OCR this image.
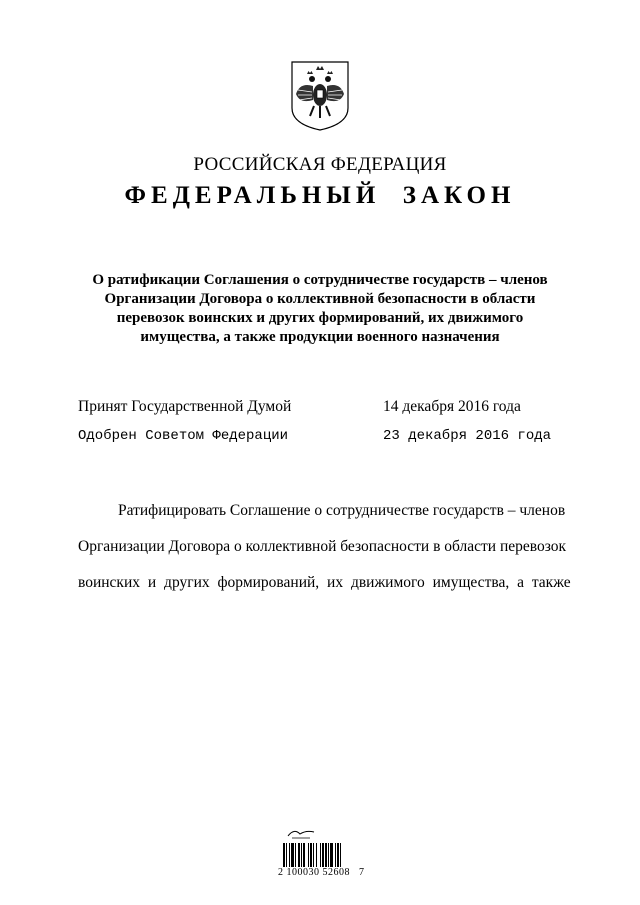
РОССИЙСКАЯ ФЕДЕРАЦИЯ
ФЕДЕРАЛЬНЫЙ  ЗАКОН
О ратификации Соглашения о сотрудничестве государств – членов
Организации Договора о коллективной безопасности в области
перевозок воинских и других формирований, их движимого
имущества, а также продукции военного назначения
Принят Государственной Думой	14 декабря 2016 года
Одобрен Советом Федерации	23 декабря 2016 года
Ратифицировать Соглашение о сотрудничестве государств – членов
Организации Договора о коллективной безопасности в области перевозок
воинских и других формирований, их движимого имущества, а также
2 100030 52608   7
